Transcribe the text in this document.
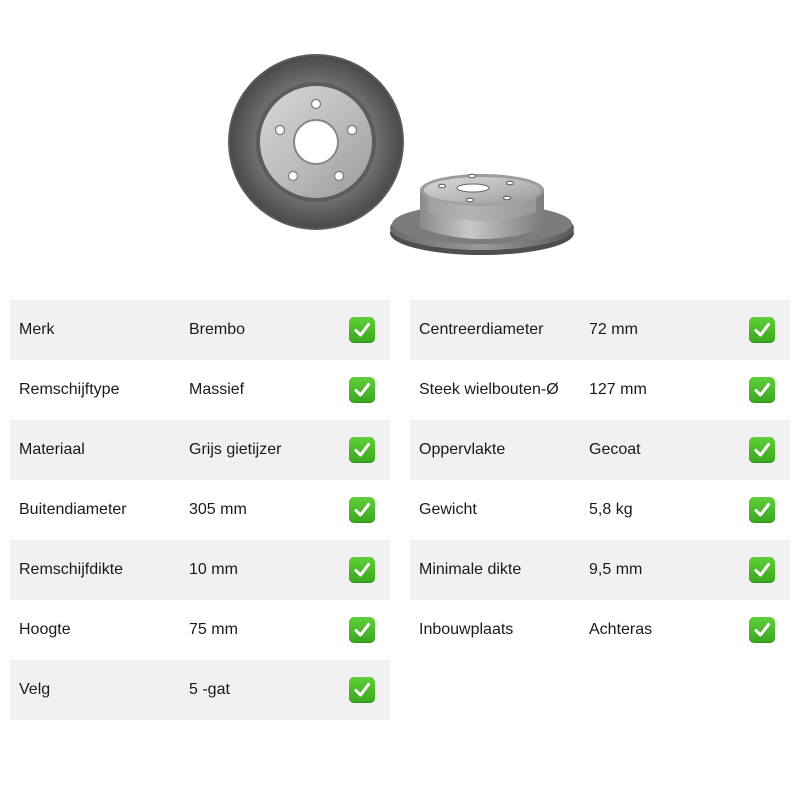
Merk	Brembo
Remschijftype	Massief
Materiaal	Grijs gietijzer
Buitendiameter	305 mm
Remschijfdikte	10 mm
Hoogte	75 mm
Velg	5 -gat
Centreerdiameter	72 mm
Steek wielbouten-Ø 127 mm
Oppervlakte	Gecoat
Gewicht	5,8 kg
Minimale dikte	9,5 mm
Inbouwplaats	Achteras
